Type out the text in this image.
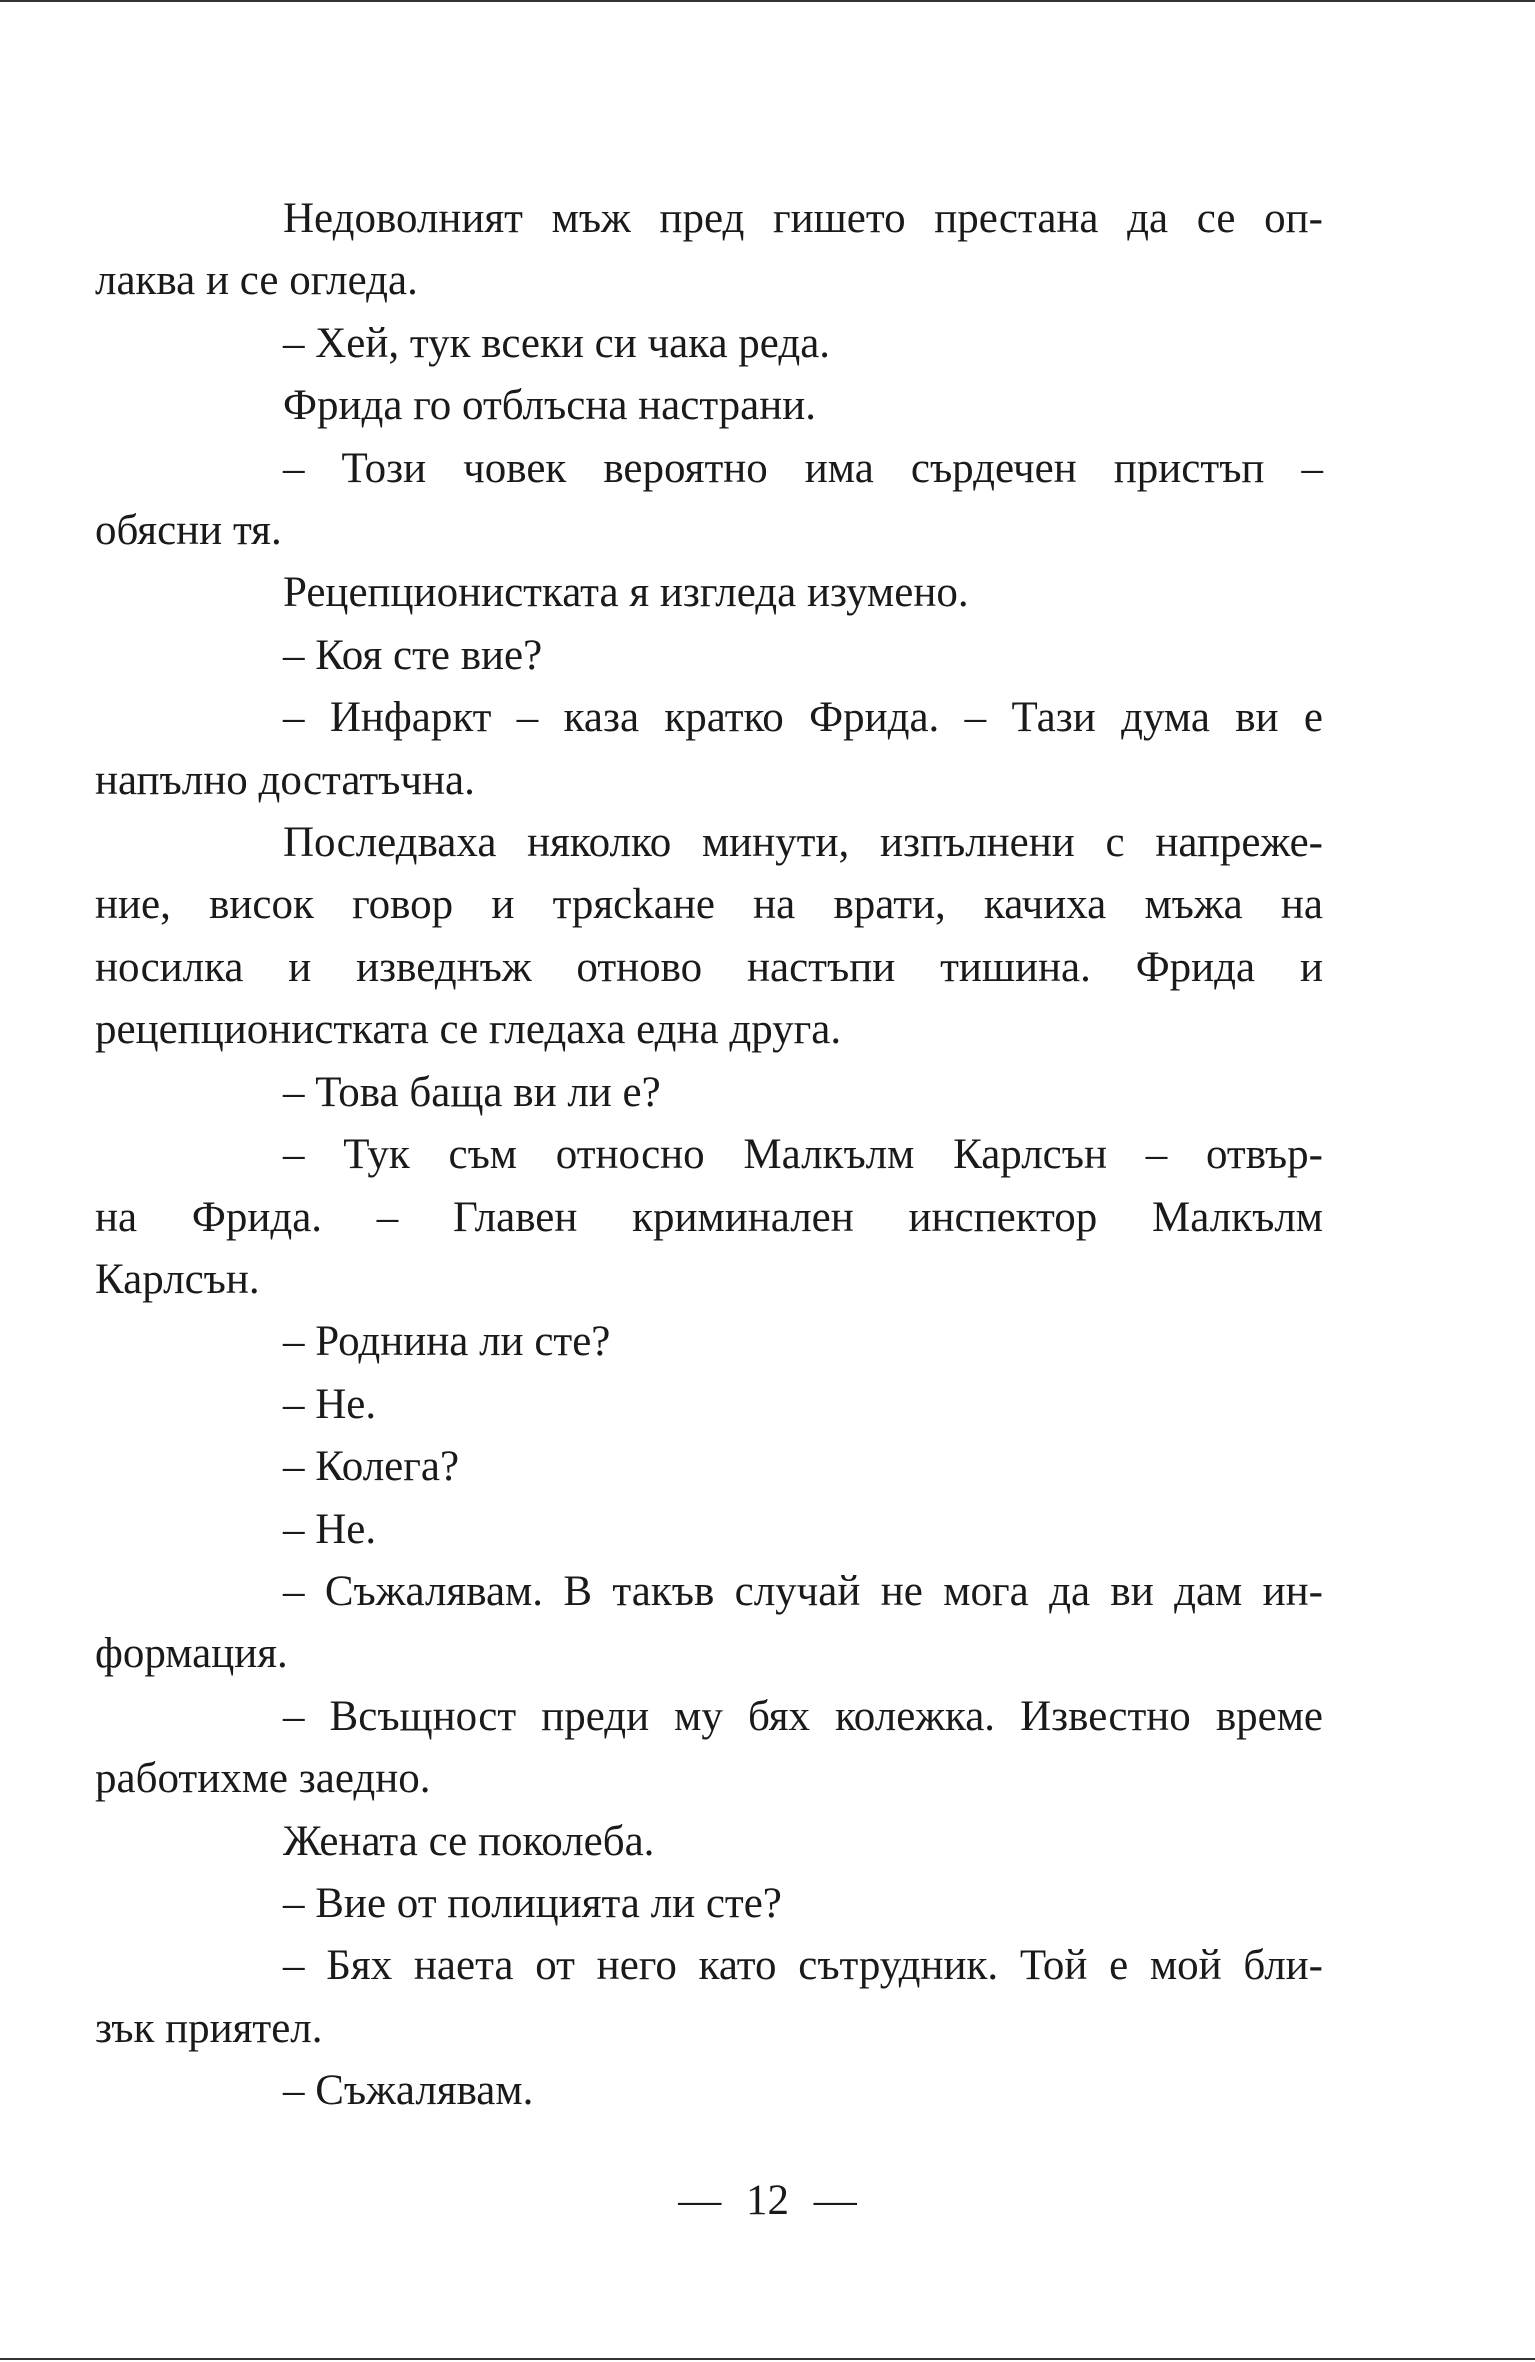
Недоволният мъж пред гишето престана да се оп-
лаква и се огледа.
– Хей, тук всеки си чака реда.
Фрида го отблъсна настрани.
– Този човек вероятно има сърдечен пристъп –
обясни тя.
Рецепционистката я изгледа изумено.
– Коя сте вие?
– Инфаркт – каза кратко Фрида. – Тази дума ви е
напълно достатъчна.
Последваха няколко минути, изпълнени с напреже-
ние, висок говор и трясkане на врати, качиха мъжа на
носилка и изведнъж отново настъпи тишина. Фрида и
рецепционистката се гледаха една друга.
– Това баща ви ли е?
– Тук съм относно Малкълм Карлсън – отвър-
на Фрида. – Главен криминален инспектор Малкълм
Карлсън.
– Роднина ли сте?
– Не.
– Колега?
– Не.
– Съжалявам. В такъв случай не мога да ви дам ин-
формация.
– Всъщност преди му бях колежка. Известно време
работихме заедно.
Жената се поколеба.
– Вие от полицията ли сте?
– Бях наета от него като сътрудник. Той е мой бли-
зък приятел.
– Съжалявам.
— 12 —
